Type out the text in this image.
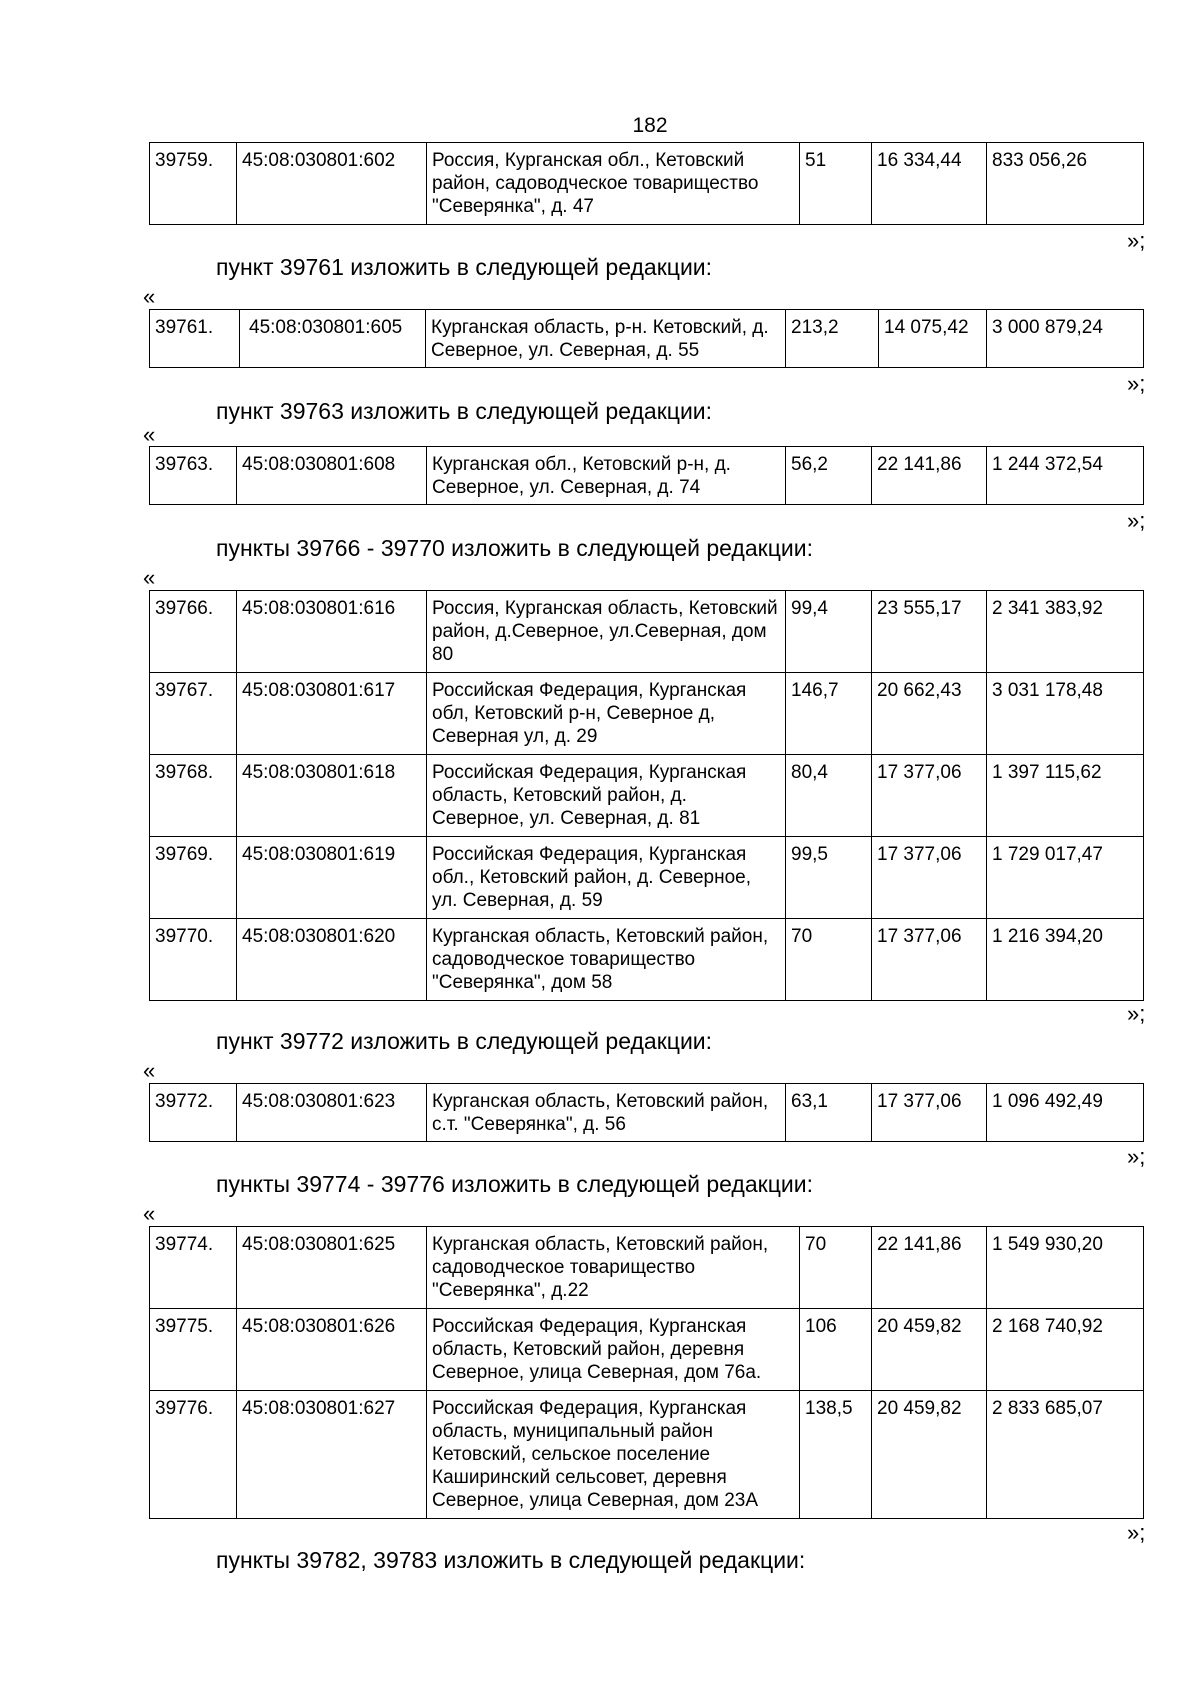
182
39759.	45:08:030801:602	Россия, Курганская обл., Кетовский район, садоводческое товарищество "Северянка", д. 47	51	16 334,44	833 056,26
»;
пункт 39761 изложить в следующей редакции:
«
39761.	45:08:030801:605	Курганская область, р-н. Кетовский, д. Северное, ул. Северная, д. 55	213,2	14 075,42	3 000 879,24
»;
пункт 39763 изложить в следующей редакции:
«
39763.	45:08:030801:608	Курганская обл., Кетовский р-н, д. Северное, ул. Северная, д. 74	56,2	22 141,86	1 244 372,54
»;
пункты 39766 - 39770 изложить в следующей редакции:
«
39766.	45:08:030801:616	Россия, Курганская область, Кетовский район, д.Северное, ул.Северная, дом 80	99,4	23 555,17	2 341 383,92
39767.	45:08:030801:617	Российская Федерация, Курганская обл, Кетовский р-н, Северное д, Северная ул, д. 29	146,7	20 662,43	3 031 178,48
39768.	45:08:030801:618	Российская Федерация, Курганская область, Кетовский район, д. Северное, ул. Северная, д. 81	80,4	17 377,06	1 397 115,62
39769.	45:08:030801:619	Российская Федерация, Курганская обл., Кетовский район, д. Северное, ул. Северная, д. 59	99,5	17 377,06	1 729 017,47
39770.	45:08:030801:620	Курганская область, Кетовский район, садоводческое товарищество "Северянка", дом 58	70	17 377,06	1 216 394,20
»;
пункт 39772 изложить в следующей редакции:
«
39772.	45:08:030801:623	Курганская область, Кетовский район, с.т. "Северянка", д. 56	63,1	17 377,06	1 096 492,49
»;
пункты 39774 - 39776 изложить в следующей редакции:
«
39774.	45:08:030801:625	Курганская область, Кетовский район, садоводческое товарищество "Северянка", д.22	70	22 141,86	1 549 930,20
39775.	45:08:030801:626	Российская Федерация, Курганская область, Кетовский район, деревня Северное, улица Северная, дом 76а.	106	20 459,82	2 168 740,92
39776.	45:08:030801:627	Российская Федерация, Курганская область, муниципальный район Кетовский, сельское поселение Каширинский сельсовет, деревня Северное, улица Северная, дом 23А	138,5	20 459,82	2 833 685,07
»;
пункты 39782, 39783 изложить в следующей редакции:
